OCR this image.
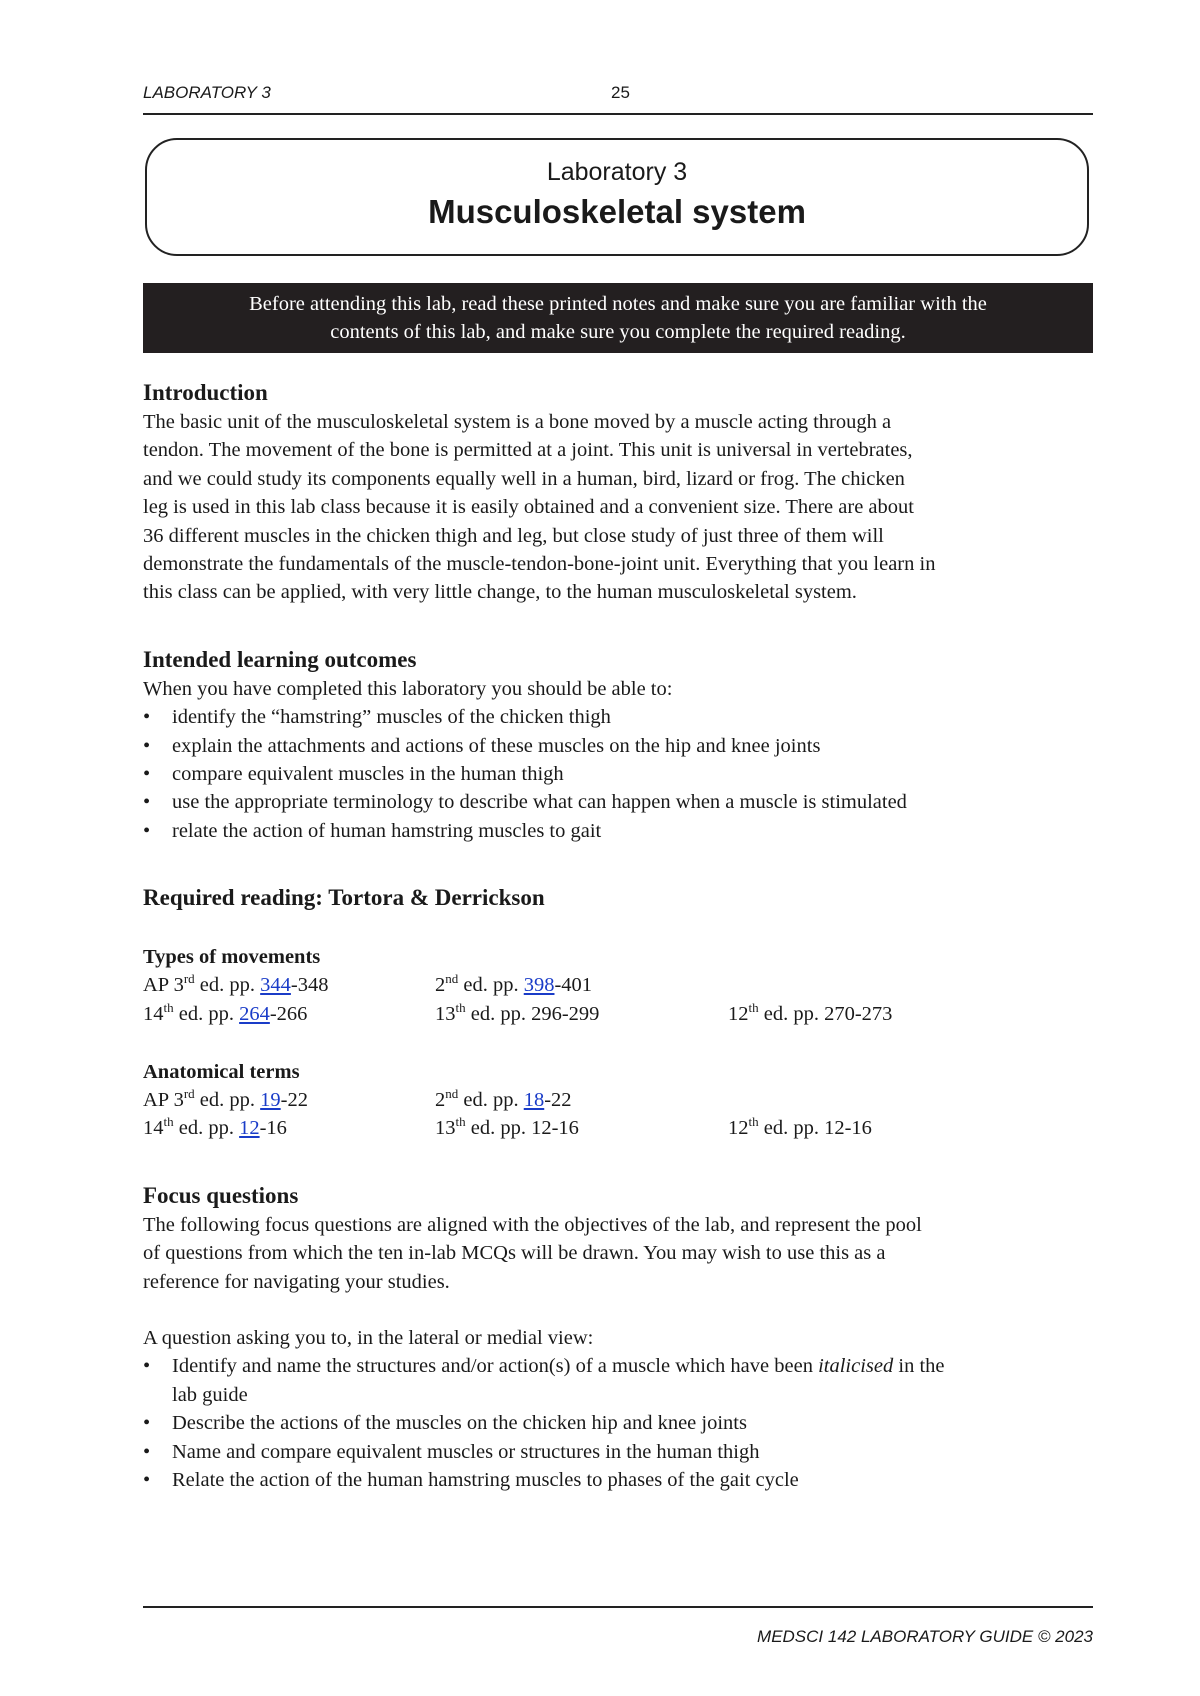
LABORATORY 3	25
Laboratory 3
Musculoskeletal system
Before attending this lab, read these printed notes and make sure you are familiar with the
contents of this lab, and make sure you complete the required reading.
Introduction

The basic unit of the musculoskeletal system is a bone moved by a muscle acting through a

tendon. The movement of the bone is permitted at a joint. This unit is universal in vertebrates,

and we could study its components equally well in a human, bird, lizard or frog. The chicken

leg is used in this lab class because it is easily obtained and a convenient size. There are about

36 different muscles in the chicken thigh and leg, but close study of just three of them will

demonstrate the fundamentals of the muscle-tendon-bone-joint unit. Everything that you learn in

this class can be applied, with very little change, to the human musculoskeletal system.

Intended learning outcomes

When you have completed this laboratory you should be able to:

• identify the “hamstring” muscles of the chicken thigh
• explain the attachments and actions of these muscles on the hip and knee joints
• compare equivalent muscles in the human thigh
• use the appropriate terminology to describe what can happen when a muscle is stimulated
• relate the action of human hamstring muscles to gait
Required reading: Tortora & Derrickson
Types of movements
AP 3rd ed. pp. 344-348	2nd ed. pp. 398-401
14th ed. pp. 264-266	13th ed. pp. 296-299	12th ed. pp. 270-273
Anatomical terms
AP 3rd ed. pp. 19-22	2nd ed. pp. 18-22
14th ed. pp. 12-16	13th ed. pp. 12-16	12th ed. pp. 12-16
Focus questions

The following focus questions are aligned with the objectives of the lab, and represent the pool

of questions from which the ten in-lab MCQs will be drawn. You may wish to use this as a

reference for navigating your studies.

A question asking you to, in the lateral or medial view:

• Identify and name the structures and/or action(s) of a muscle which have been italicised in the
lab guide
• Describe the actions of the muscles on the chicken hip and knee joints
• Name and compare equivalent muscles or structures in the human thigh
• Relate the action of the human hamstring muscles to phases of the gait cycle
MEDSCI 142 LABORATORY GUIDE © 2023
